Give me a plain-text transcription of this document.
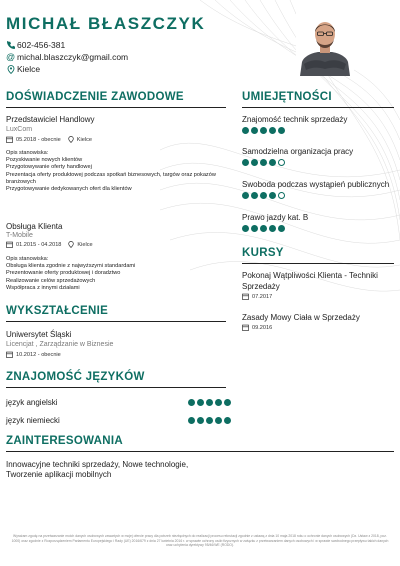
MICHAŁ BŁASZCZYK
602-456-381
@ michal.blaszczyk@gmail.com
Kielce
DOŚWIADCZENIE ZAWODOWE
Przedstawiciel Handlowy
LuxCom
05.2018 - obecnie	Kielce
Opis stanowiska:
Pozyskiwanie nowych klientów
Przygotowywanie oferty handlowej
Prezentacja oferty produktowej podczas spotkań biznesowych, targów oraz pokazów
branżowych
Przygotowywanie dedykowanych ofert dla klientów
Obsługa Klienta
T-Mobile
01.2015 - 04.2018	Kielce
Opis stanowiska:
Obsługa klienta zgodnie z najwyższymi standardami
Prezentowanie oferty produktowej i doradztwo
Realizowanie celów sprzedażowych
Współpraca z innymi działami
WYKSZTAŁCENIE
Uniwersytet Śląski
Licencjat , Zarządzanie w Biznesie
10.2012 - obecnie
ZNAJOMOŚĆ JĘZYKÓW
język angielski
język niemiecki
ZAINTERESOWANIA
Innowacyjne techniki sprzedaży, Nowe technologie, Tworzenie aplikacji mobilnych
UMIEJĘTNOŚCI
Znajomość technik sprzedaży
Samodzielna organizacja pracy
Swoboda podczas wystąpień publicznych
Prawo jazdy kat. B
KURSY
Pokonaj Wątpliwości Klienta - Techniki
Sprzedaży
07.2017
Zasady Mowy Ciała w Sprzedaży
09.2016
Wyrażam zgodę na przetwarzanie moich danych osobowych zawartych w mojej ofercie pracy dla potrzeb niezbędnych do realizacji procesu rekrutacji zgodnie z ustawą z dnia 10 maja 2018 roku o ochronie danych osobowych (Dz. Ustaw z 2018, poz. 1000) oraz zgodnie z Rozporządzeniem Parlamentu Europejskiego i Rady (UE) 2016/679 z dnia 27 kwietnia 2016 r. w sprawie ochrony osób fizycznych w związku z przetwarzaniem danych osobowych i w sprawie swobodnego przepływu takich danych oraz uchylenia dyrektywy 95/46/WE (RODO).
